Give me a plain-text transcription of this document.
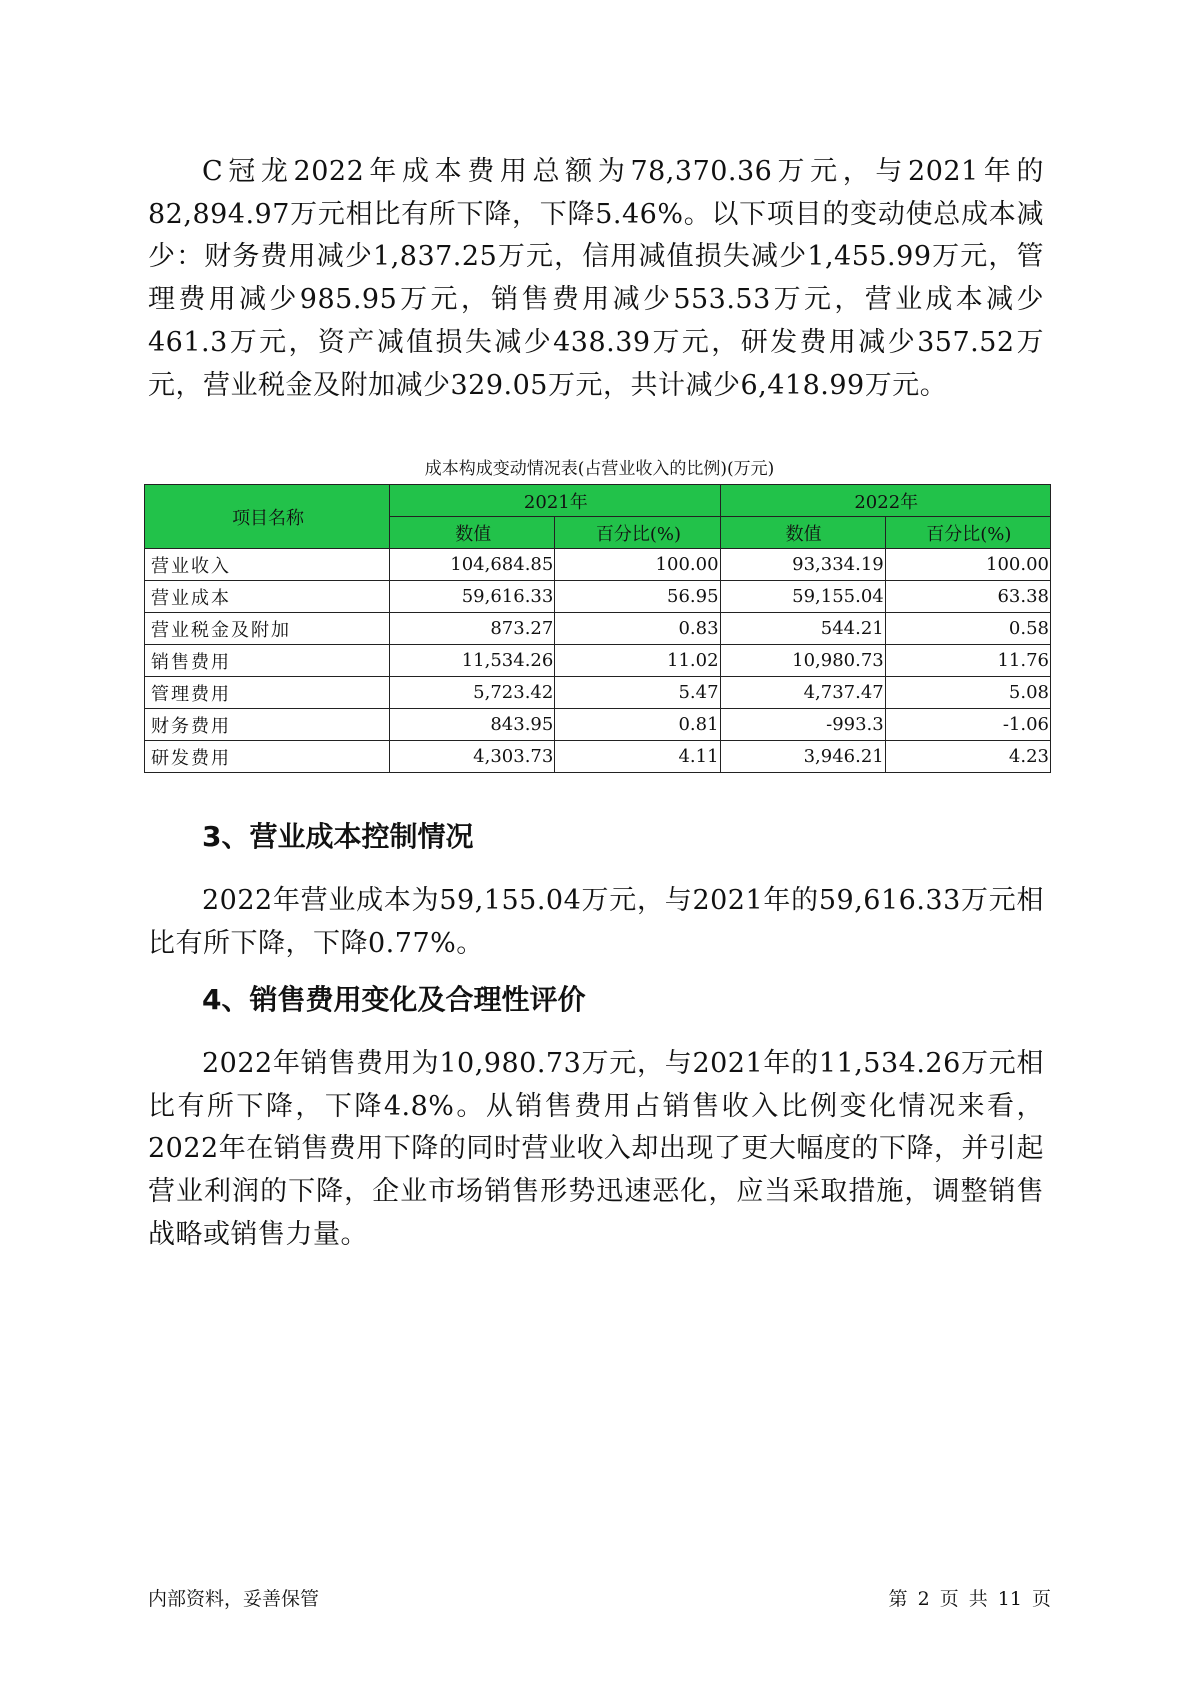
C冠龙2022年成本费用总额为78,370.36万元，与2021年的82,894.97万元相比有所下降，下降5.46%。以下项目的变动使总成本减少：财务费用减少1,837.25万元，信用减值损失减少1,455.99万元，管理费用减少985.95万元，销售费用减少553.53万元，营业成本减少461.3万元，资产减值损失减少438.39万元，研发费用减少357.52万元，营业税金及附加减少329.05万元，共计减少6,418.99万元。

成本构成变动情况表(占营业收入的比例)(万元)
项目名称	2021年		2022年	
	数值	百分比(%)	数值	百分比(%)
营业收入	104,684.85	100.00	93,334.19	100.00
营业成本	59,616.33	56.95	59,155.04	63.38
营业税金及附加	873.27	0.83	544.21	0.58
销售费用	11,534.26	11.02	10,980.73	11.76
管理费用	5,723.42	5.47	4,737.47	5.08
财务费用	843.95	0.81	-993.3	-1.06
研发费用	4,303.73	4.11	3,946.21	4.23
3、营业成本控制情况

2022年营业成本为59,155.04万元，与2021年的59,616.33万元相比有所下降，下降0.77%。

4、销售费用变化及合理性评价

2022年销售费用为10,980.73万元，与2021年的11,534.26万元相比有所下降，下降4.8%。从销售费用占销售收入比例变化情况来看，2022年在销售费用下降的同时营业收入却出现了更大幅度的下降，并引起营业利润的下降，企业市场销售形势迅速恶化，应当采取措施，调整销售战略或销售力量。

内部资料，妥善保管	第 2 页 共 11 页
